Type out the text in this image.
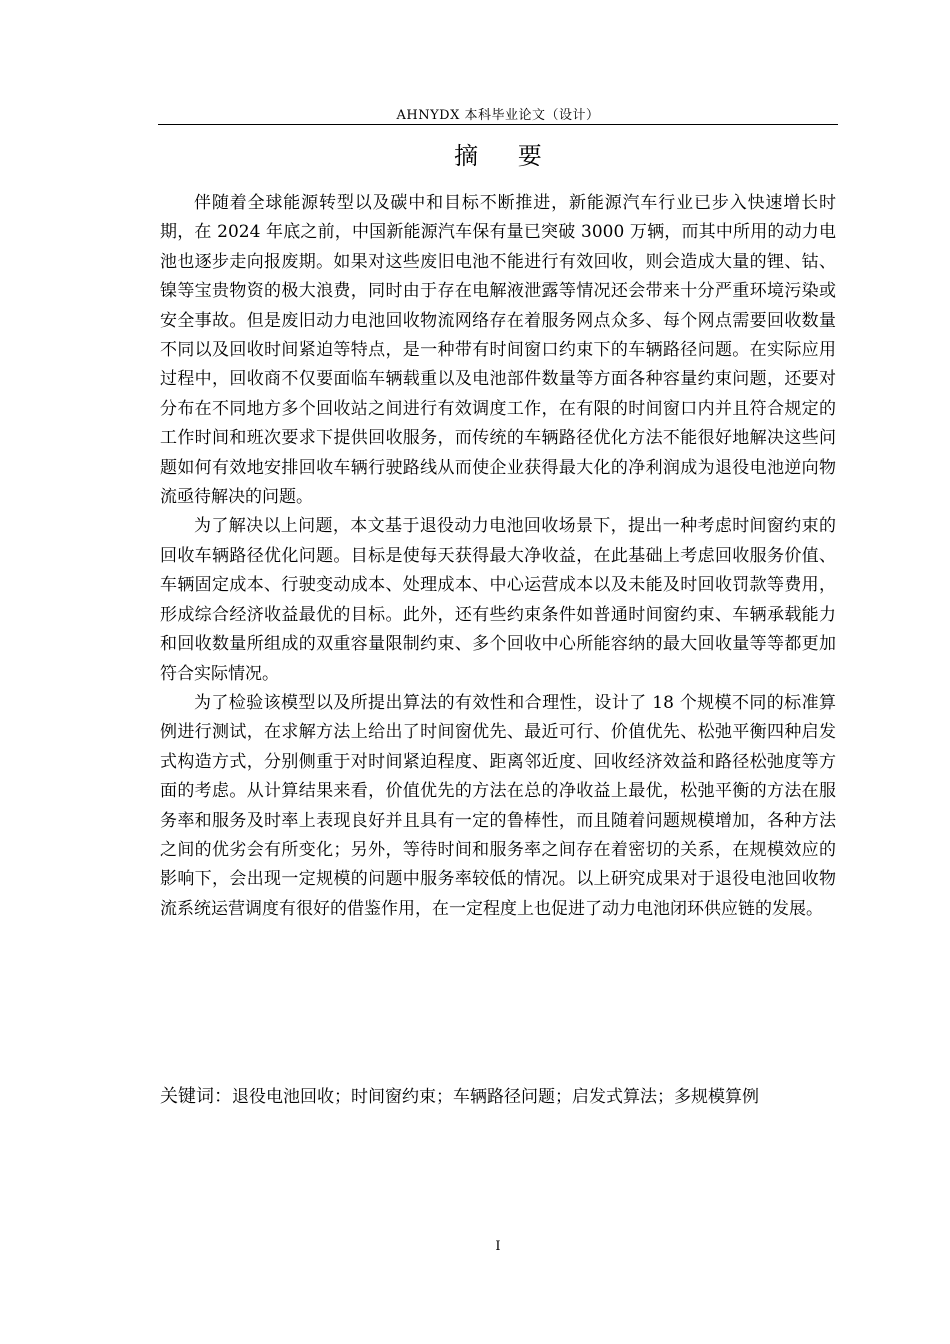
AHNYDX 本科毕业论文（设计）
摘 要

伴随着全球能源转型以及碳中和目标不断推进，新能源汽车行业已步入快速增长时期，在 2024 年底之前，中国新能源汽车保有量已突破 3000 万辆，而其中所用的动力电池也逐步走向报废期。如果对这些废旧电池不能进行有效回收，则会造成大量的锂、钴、镍等宝贵物资的极大浪费，同时由于存在电解液泄露等情况还会带来十分严重环境污染或安全事故。但是废旧动力电池回收物流网络存在着服务网点众多、每个网点需要回收数量不同以及回收时间紧迫等特点，是一种带有时间窗口约束下的车辆路径问题。在实际应用过程中，回收商不仅要面临车辆载重以及电池部件数量等方面各种容量约束问题，还要对分布在不同地方多个回收站之间进行有效调度工作，在有限的时间窗口内并且符合规定的工作时间和班次要求下提供回收服务，而传统的车辆路径优化方法不能很好地解决这些问题如何有效地安排回收车辆行驶路线从而使企业获得最大化的净利润成为退役电池逆向物流亟待解决的问题。

为了解决以上问题，本文基于退役动力电池回收场景下，提出一种考虑时间窗约束的回收车辆路径优化问题。目标是使每天获得最大净收益，在此基础上考虑回收服务价值、车辆固定成本、行驶变动成本、处理成本、中心运营成本以及未能及时回收罚款等费用，形成综合经济收益最优的目标。此外，还有些约束条件如普通时间窗约束、车辆承载能力和回收数量所组成的双重容量限制约束、多个回收中心所能容纳的最大回收量等等都更加符合实际情况。

为了检验该模型以及所提出算法的有效性和合理性，设计了 18 个规模不同的标准算例进行测试，在求解方法上给出了时间窗优先、最近可行、价值优先、松弛平衡四种启发式构造方式，分别侧重于对时间紧迫程度、距离邻近度、回收经济效益和路径松弛度等方面的考虑。从计算结果来看，价值优先的方法在总的净收益上最优，松弛平衡的方法在服务率和服务及时率上表现良好并且具有一定的鲁棒性，而且随着问题规模增加，各种方法之间的优劣会有所变化；另外，等待时间和服务率之间存在着密切的关系，在规模效应的影响下，会出现一定规模的问题中服务率较低的情况。以上研究成果对于退役电池回收物流系统运营调度有很好的借鉴作用，在一定程度上也促进了动力电池闭环供应链的发展。

关键词：退役电池回收；时间窗约束；车辆路径问题；启发式算法；多规模算例
I
